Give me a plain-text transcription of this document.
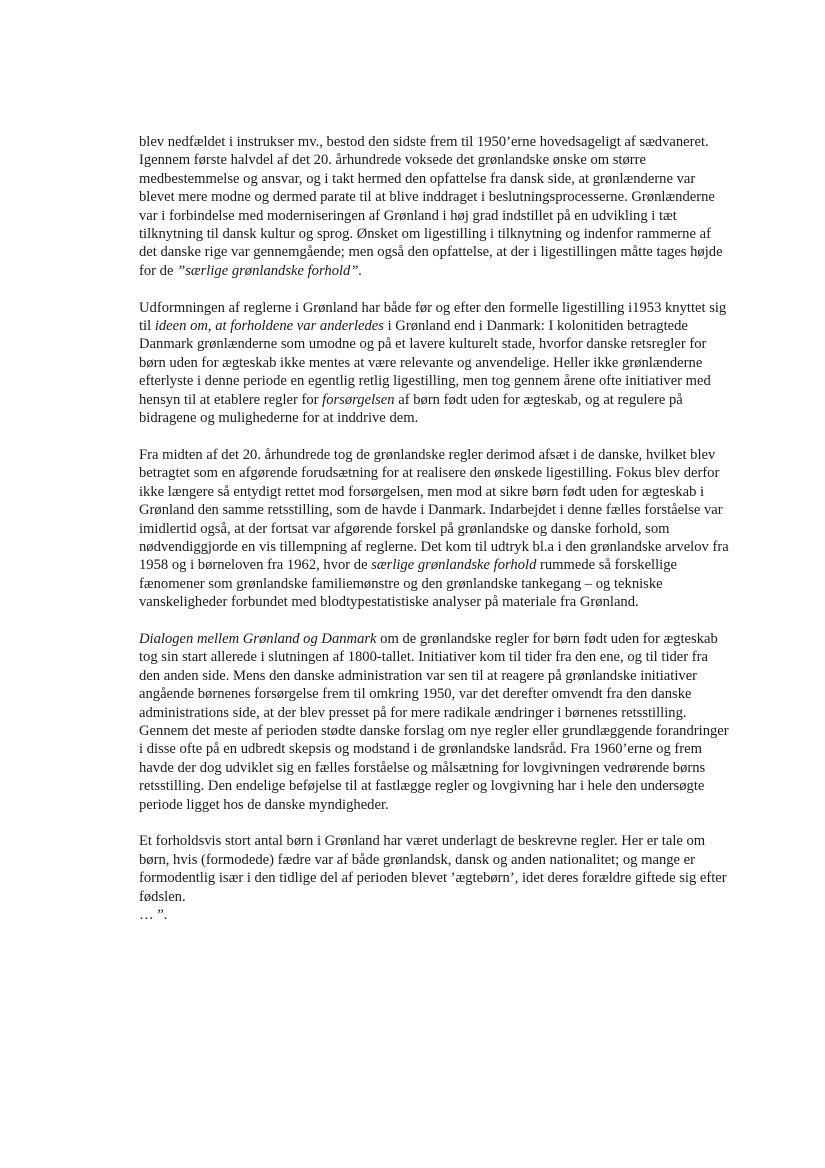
blev nedfældet i instrukser mv., bestod den sidste frem til 1950’erne hovedsageligt af sædvaneret. Igennem første halvdel af det 20. århundrede voksede det grønlandske ønske om større medbestemmelse og ansvar, og i takt hermed den opfattelse fra dansk side, at grønlænderne var blevet mere modne og dermed parate til at blive inddraget i beslutningsprocesserne. Grønlænderne var i forbindelse med moderniseringen af Grønland i høj grad indstillet på en udvikling i tæt tilknytning til dansk kultur og sprog. Ønsket om ligestilling i tilknytning og indenfor rammerne af det danske rige var gennemgående; men også den opfattelse, at der i ligestillingen måtte tages højde for de ”særlige grønlandske forhold”.

Udformningen af reglerne i Grønland har både før og efter den formelle ligestilling i1953 knyttet sig til ideen om, at forholdene var anderledes i Grønland end i Danmark: I kolonitiden betragtede Danmark grønlænderne som umodne og på et lavere kulturelt stade, hvorfor danske retsregler for børn uden for ægteskab ikke mentes at være relevante og anvendelige. Heller ikke grønlænderne efterlyste i denne periode en egentlig retlig ligestilling, men tog gennem årene ofte initiativer med hensyn til at etablere regler for forsørgelsen af børn født uden for ægteskab, og at regulere på bidragene og mulighederne for at inddrive dem.

Fra midten af det 20. århundrede tog de grønlandske regler derimod afsæt i de danske, hvilket blev betragtet som en afgørende forudsætning for at realisere den ønskede ligestilling. Fokus blev derfor ikke længere så entydigt rettet mod forsørgelsen, men mod at sikre børn født uden for ægteskab i Grønland den samme retsstilling, som de havde i Danmark. Indarbejdet i denne fælles forståelse var imidlertid også, at der fortsat var afgørende forskel på grønlandske og danske forhold, som nødvendiggjorde en vis tillempning af reglerne. Det kom til udtryk bl.a i den grønlandske arvelov fra 1958 og i børneloven fra 1962, hvor de særlige grønlandske forhold rummede så forskellige fænomener som grønlandske familiemønstre og den grønlandske tankegang – og tekniske vanskeligheder forbundet med blodtypestatistiske analyser på materiale fra Grønland.

Dialogen mellem Grønland og Danmark om de grønlandske regler for børn født uden for ægteskab tog sin start allerede i slutningen af 1800-tallet. Initiativer kom til tider fra den ene, og til tider fra den anden side. Mens den danske administration var sen til at reagere på grønlandske initiativer angående børnenes forsørgelse frem til omkring 1950, var det derefter omvendt fra den danske administrations side, at der blev presset på for mere radikale ændringer i børnenes retsstilling. Gennem det meste af perioden stødte danske forslag om nye regler eller grundlæggende forandringer i disse ofte på en udbredt skepsis og modstand i de grønlandske landsråd. Fra 1960’erne og frem havde der dog udviklet sig en fælles forståelse og målsætning for lovgivningen vedrørende børns retsstilling. Den endelige beføjelse til at fastlægge regler og lovgivning har i hele den undersøgte periode ligget hos de danske myndigheder.

Et forholdsvis stort antal børn i Grønland har været underlagt de beskrevne regler. Her er tale om børn, hvis (formodede) fædre var af både grønlandsk, dansk og anden nationalitet; og mange er formodentlig især i den tidlige del af perioden blevet ’ægtebørn’, idet deres forældre giftede sig efter fødslen.
… ”.
